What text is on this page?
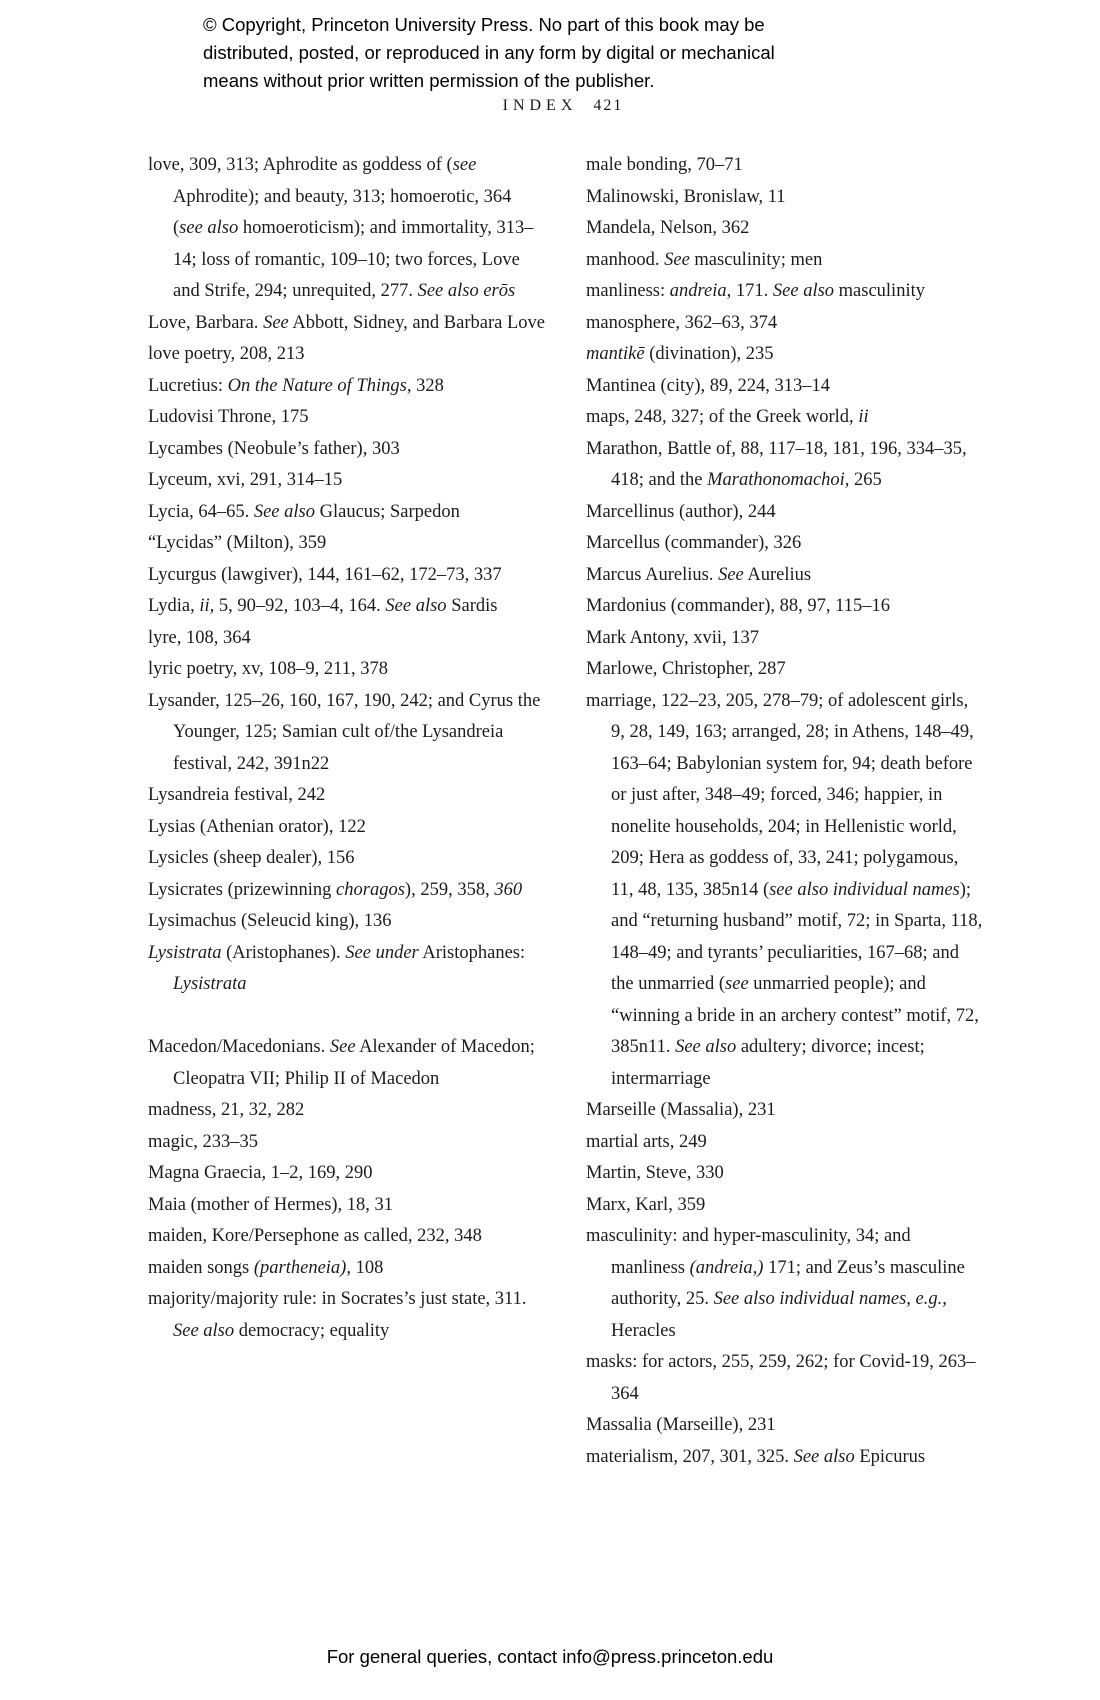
© Copyright, Princeton University Press. No part of this book may be
distributed, posted, or reproduced in any form by digital or mechanical
means without prior written permission of the publisher.
INDEX 421

love, 309, 313; Aphrodite as goddess of (see Aphrodite); and beauty, 313; homoerotic, 364 (see also homoeroticism); and immortality, 313–14; loss of romantic, 109–10; two forces, Love and Strife, 294; unrequited, 277. See also erōs

Love, Barbara. See Abbott, Sidney, and Barbara Love

love poetry, 208, 213

Lucretius: On the Nature of Things, 328

Ludovisi Throne, 175

Lycambes (Neobule’s father), 303

Lyceum, xvi, 291, 314–15

Lycia, 64–65. See also Glaucus; Sarpedon

“Lycidas” (Milton), 359

Lycurgus (lawgiver), 144, 161–62, 172–73, 337

Lydia, ii, 5, 90–92, 103–4, 164. See also Sardis

lyre, 108, 364

lyric poetry, xv, 108–9, 211, 378

Lysander, 125–26, 160, 167, 190, 242; and Cyrus the Younger, 125; Samian cult of/the Lysandreia festival, 242, 391n22

Lysandreia festival, 242

Lysias (Athenian orator), 122

Lysicles (sheep dealer), 156

Lysicrates (prizewinning choragos), 259, 358, 360

Lysimachus (Seleucid king), 136

Lysistrata (Aristophanes). See under Aristophanes: Lysistrata

Macedon/Macedonians. See Alexander of Macedon; Cleopatra VII; Philip II of Macedon

madness, 21, 32, 282

magic, 233–35

Magna Graecia, 1–2, 169, 290

Maia (mother of Hermes), 18, 31

maiden, Kore/Persephone as called, 232, 348

maiden songs (partheneia), 108

majority/majority rule: in Socrates’s just state, 311. See also democracy; equality

male bonding, 70–71

Malinowski, Bronislaw, 11

Mandela, Nelson, 362

manhood. See masculinity; men

manliness: andreia, 171. See also masculinity

manosphere, 362–63, 374

mantikē (divination), 235

Mantinea (city), 89, 224, 313–14

maps, 248, 327; of the Greek world, ii

Marathon, Battle of, 88, 117–18, 181, 196, 334–35, 418; and the Marathonomachoi, 265

Marcellinus (author), 244

Marcellus (commander), 326

Marcus Aurelius. See Aurelius

Mardonius (commander), 88, 97, 115–16

Mark Antony, xvii, 137

Marlowe, Christopher, 287

marriage, 122–23, 205, 278–79; of adolescent girls, 9, 28, 149, 163; arranged, 28; in Athens, 148–49, 163–64; Babylonian system for, 94; death before or just after, 348–49; forced, 346; happier, in nonelite households, 204; in Hellenistic world, 209; Hera as goddess of, 33, 241; polygamous, 11, 48, 135, 385n14 (see also individual names); and “returning husband” motif, 72; in Sparta, 118, 148–49; and tyrants’ peculiarities, 167–68; and the unmarried (see unmarried people); and “winning a bride in an archery contest” motif, 72, 385n11. See also adultery; divorce; incest; intermarriage

Marseille (Massalia), 231

martial arts, 249

Martin, Steve, 330

Marx, Karl, 359

masculinity: and hyper-masculinity, 34; and manliness (andreia,) 171; and Zeus’s masculine authority, 25. See also individual names, e.g., Heracles

masks: for actors, 255, 259, 262; for Covid-19, 263–364

Massalia (Marseille), 231

materialism, 207, 301, 325. See also Epicurus

For general queries, contact info@press.princeton.edu
